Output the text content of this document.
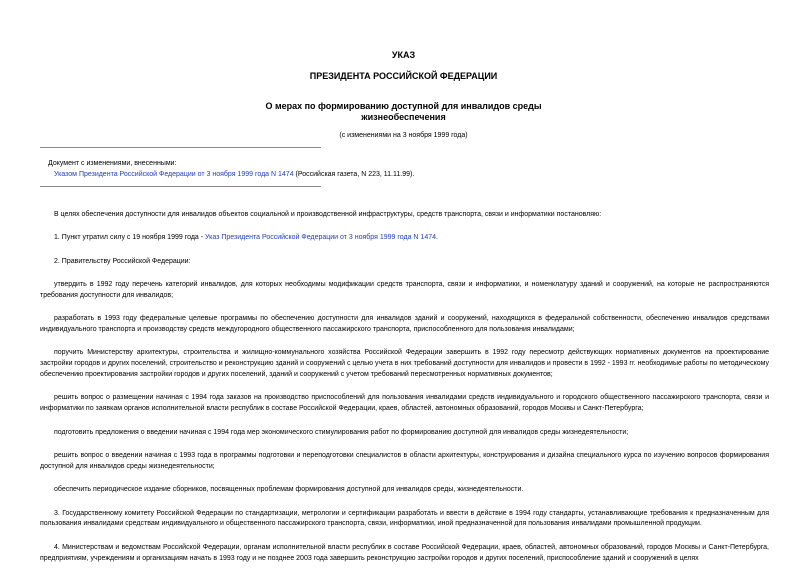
УКАЗ
ПРЕЗИДЕНТА РОССИЙСКОЙ ФЕДЕРАЦИИ
О мерах по формированию доступной для инвалидов среды
жизнеобеспечения
(с изменениями на 3 ноября 1999 года)
Документ с изменениями, внесенными:
Указом Президента Российской Федерации от 3 ноября 1999 года N 1474 (Российская газета, N 223, 11.11.99).

В целях обеспечения доступности для инвалидов объектов социальной и производственной инфраструктуры, средств транспорта, связи и информатики постановляю:

1. Пункт утратил силу с 19 ноября 1999 года - Указ Президента Российской Федерации от 3 ноября 1999 года N 1474.

2. Правительству Российской Федерации:

утвердить в 1992 году перечень категорий инвалидов, для которых необходимы модификации средств транспорта, связи и информатики, и номенклатуру зданий и сооружений, на которые не распространяются требования доступности для инвалидов;

разработать в 1993 году федеральные целевые программы по обеспечению доступности для инвалидов зданий и сооружений, находящихся в федеральной собственности, обеспечению инвалидов средствами индивидуального транспорта и производству средств междугородного общественного пассажирского транспорта, приспособленного для пользования инвалидами;

поручить Министерству архитектуры, строительства и жилищно-коммунального хозяйства Российской Федерации завершить в 1992 году пересмотр действующих нормативных документов на проектирование застройки городов и других поселений, строительство и реконструкцию зданий и сооружений с целью учета в них требований доступности для инвалидов и провести в 1992 - 1993 гг. необходимые работы по методическому обеспечению проектирования застройки городов и других поселений, зданий и сооружений с учетом требований пересмотренных нормативных документов;

решить вопрос о размещении начиная с 1994 года заказов на производство приспособлений для пользования инвалидами средств индивидуального и городского общественного пассажирского транспорта, связи и информатики по заявкам органов исполнительной власти республик в составе Российской Федерации, краев, областей, автономных образований, городов Москвы и Санкт-Петербурга;

подготовить предложения о введении начиная с 1994 года мер экономического стимулирования работ по формированию доступной для инвалидов среды жизнедеятельности;

решить вопрос о введении начиная с 1993 года в программы подготовки и переподготовки специалистов в области архитектуры, конструирования и дизайна специального курса по изучению вопросов формирования доступной для инвалидов среды жизнедеятельности;

обеспечить периодическое издание сборников, посвященных проблемам формирования доступной для инвалидов среды, жизнедеятельности.

3. Государственному комитету Российской Федерации по стандартизации, метрологии и сертификации разработать и ввести в действие в 1994 году стандарты, устанавливающие требования к предназначенным для пользования инвалидами средствам индивидуального и общественного пассажирского транспорта, связи, информатики, иной предназначенной для пользования инвалидами промышленной продукции.

4. Министерствам и ведомствам Российской Федерации, органам исполнительной власти республик в составе Российской Федерации, краев, областей, автономных образований, городов Москвы и Санкт-Петербурга, предприятиям, учреждениям и организациям начать в 1993 году и не позднее 2003 года завершить реконструкцию застройки городов и других поселений, приспособление зданий и сооружений в целях
